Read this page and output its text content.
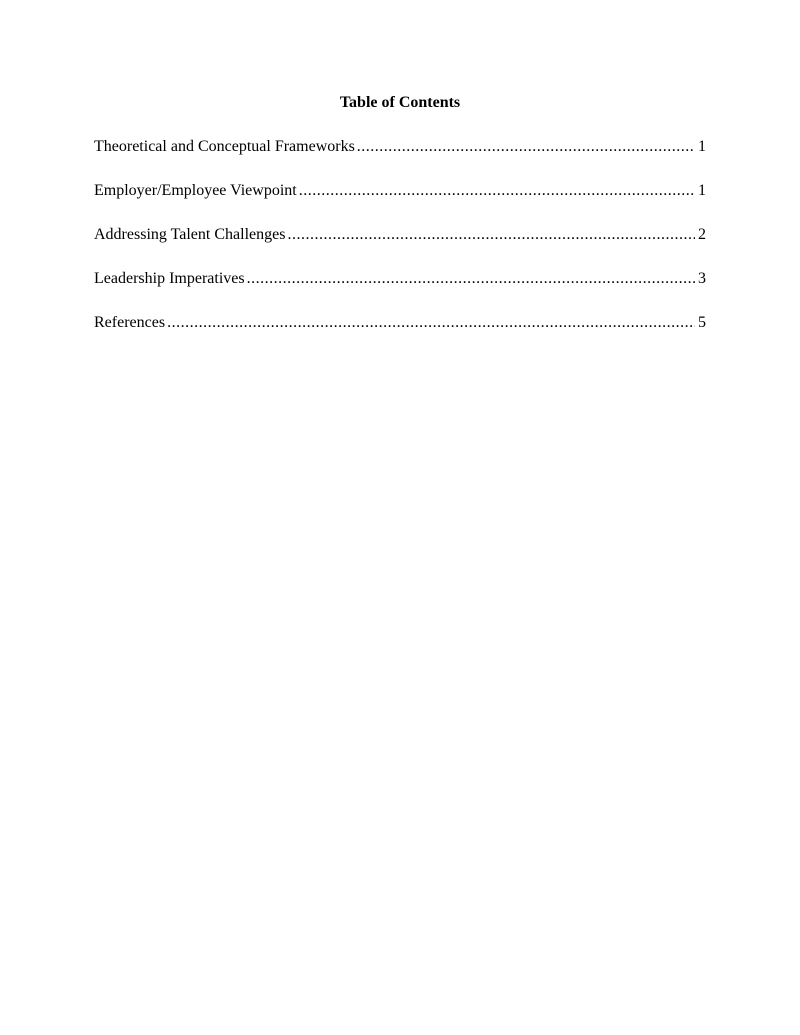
Table of Contents
Theoretical and Conceptual Frameworks .....	1
Employer/Employee Viewpoint .....	1
Addressing Talent Challenges .....	2
Leadership Imperatives .....	3
References .....	5
